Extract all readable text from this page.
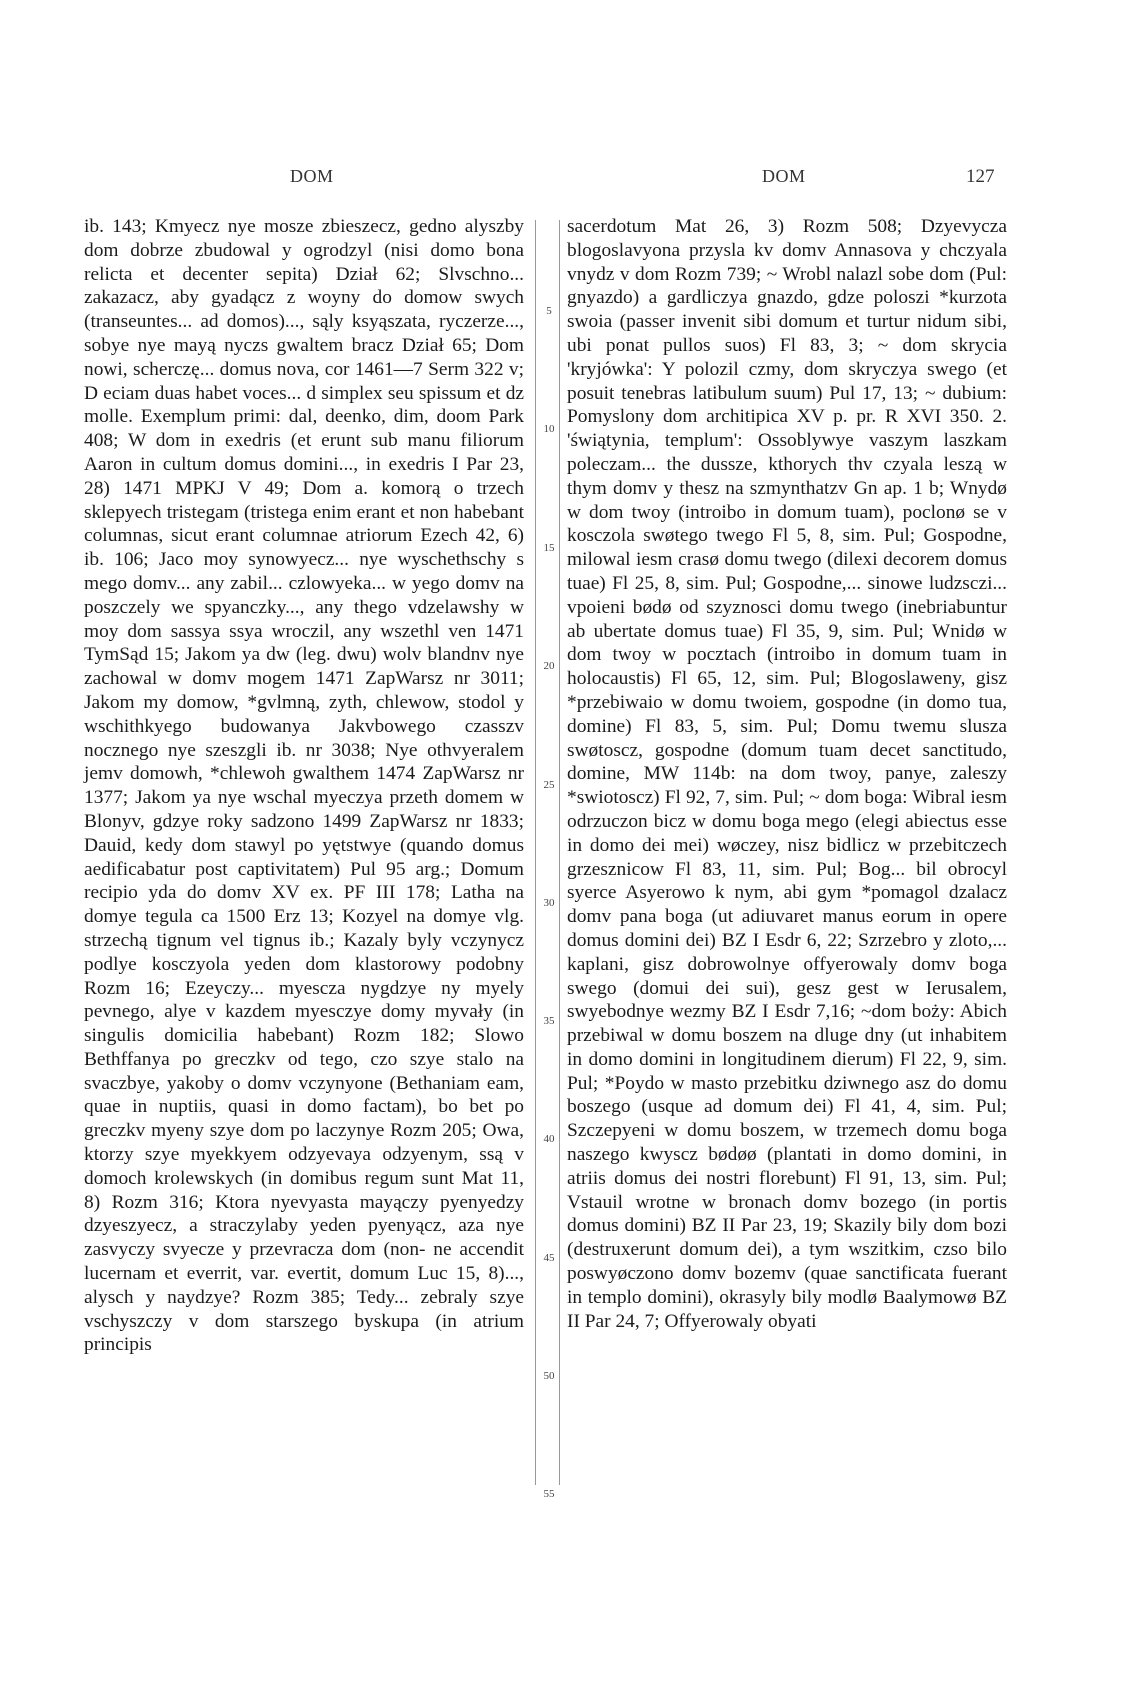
DOM	DOM	127

ib. 143; Kmyecz nye mosze zbieszecz, gedno alyszby dom dobrze zbudowal y ogrodzyl (nisi domo bona relicta et decenter sepita) Dział 62; Slvschno... zakazacz, aby gyadącz z woyny do domow swych (transeuntes... ad domos)..., sąly ksyąszata, ryczerze..., sobye nye mayą nyczs gwaltem bracz Dział 65; Dom nowi, scherczę... domus nova, cor 1461—7 Serm 322 v; D eciam duas habet voces... d simplex seu spissum et dz molle. Exemplum primi: dal, deenko, dim, doom Park 408; W dom in exedris (et erunt sub manu filiorum Aaron in cultum domus domini..., in exedris I Par 23, 28) 1471 MPKJ V 49; Dom a. komorą o trzech sklepyech tristegam (tristega enim erant et non habebant columnas, sicut erant columnae atriorum Ezech 42, 6) ib. 106; Jaco moy synowyecz... nye wyschethschy s mego domv... any zabil... czlowyeka... w yego domv na poszczely we spyanczky..., any thego vdzelawshy w moy dom sassya ssya wroczil, any wszethl ven 1471 TymSąd 15; Jakom ya dw (leg. dwu) wolv blandnv nye zachowal w domv mogem 1471 ZapWarsz nr 3011; Jakom my domow, *gvlmną, zyth, chlewow, stodol y wschithkyego budowanya Jakvbowego czasszv nocznego nye szeszgli ib. nr 3038; Nye othvyeralem jemv domowh, *chlewoh gwalthem 1474 ZapWarsz nr 1377; Jakom ya nye wschal myeczya przeth domem w Blonyv, gdzye roky sadzono 1499 ZapWarsz nr 1833; Dauid, kedy dom stawyl po yętstwye (quando domus aedificabatur post captivitatem) Pul 95 arg.; Domum recipio yda do domv XV ex. PF III 178; Latha na domye tegula ca 1500 Erz 13; Kozyel na domye vlg. strzechą tignum vel tignus ib.; Kazaly byly vczynycz podlye kosczyola yeden dom klastorowy podobny Rozm 16; Ezeyczy... myescza nygdzye ny myely pevnego, alye v kazdem myesczye domy myvały (in singulis domicilia habebant) Rozm 182; Slowo Bethffanya po greczkv od tego, czo szye stalo na svaczbye, yakoby o domv vczynyone (Bethaniam eam, quae in nuptiis, quasi in domo factam), bo bet po greczkv myeny szye dom po laczynye Rozm 205; Owa, ktorzy szye myekkyem odzyevaya odzyenym, ssą v domoch krolewskych (in domibus regum sunt Mat 11, 8) Rozm 316; Ktora nyevyasta mayączy pyenyedzy dzyeszyecz, a straczylaby yeden pyenyącz, aza nye zasvyczy svyecze y przevracza dom (non- ne accendit lucernam et everrit, var. evertit, domum Luc 15, 8)..., alysch y naydzye? Rozm 385; Tedy... zebraly szye vschyszczy v dom starszego byskupa (in atrium principis

5
10
15
20
25
30
35
40
45
50
55

sacerdotum Mat 26, 3) Rozm 508; Dzyevycza blogoslavyona przysla kv domv Annasova y chczyala vnydz v dom Rozm 739; ~ Wrobl nalazl sobe dom (Pul: gnyazdo) a gardliczya gnazdo, gdze poloszi *kurzota swoia (passer invenit sibi domum et turtur nidum sibi, ubi ponat pullos suos) Fl 83, 3; ~ dom skrycia 'kryjówka': Y polozil czmy, dom skryczya swego (et posuit tenebras latibulum suum) Pul 17, 13; ~ dubium: Pomyslony dom architipica XV p. pr. R XVI 350. 2. 'świątynia, templum': Ossoblywye vaszym laszkam poleczam... the dussze, kthorych thv czyala leszą w thym domv y thesz na szmynthatzv Gn ap. 1 b; Wnydø w dom twoy (introibo in domum tuam), poclonø se v kosczola swøtego twego Fl 5, 8, sim. Pul; Gospodne, milowal iesm crasø domu twego (dilexi decorem domus tuae) Fl 25, 8, sim. Pul; Gospodne,... sinowe ludzsczi... vpoieni bødø od szyznosci domu twego (inebriabuntur ab ubertate domus tuae) Fl 35, 9, sim. Pul; Wnidø w dom twoy w pocztach (introibo in domum tuam in holocaustis) Fl 65, 12, sim. Pul; Blogoslaweny, gisz *przebiwaio w domu twoiem, gospodne (in domo tua, domine) Fl 83, 5, sim. Pul; Domu twemu slusza swøtoscz, gospodne (domum tuam decet sanctitudo, domine, MW 114b: na dom twoy, panye, zaleszy *swiotoscz) Fl 92, 7, sim. Pul; ~ dom boga: Wibral iesm odrzuczon bicz w domu boga mego (elegi abiectus esse in domo dei mei) wøczey, nisz bidlicz w przebitczech grzesznicow Fl 83, 11, sim. Pul; Bog... bil obrocyl syerce Asyerowo k nym, abi gym *pomagol dzalacz domv pana boga (ut adiuvaret manus eorum in opere domus domini dei) BZ I Esdr 6, 22; Szrzebro y zloto,... kaplani, gisz dobrowolnye offyerowaly domv boga swego (domui dei sui), gesz gest w Ierusalem, swyebodnye wezmy BZ I Esdr 7,16; ~dom boży: Abich przebiwal w domu boszem na dluge dny (ut inhabitem in domo domini in longitudinem dierum) Fl 22, 9, sim. Pul; *Poydo w masto przebitku dziwnego asz do domu boszego (usque ad domum dei) Fl 41, 4, sim. Pul; Szczepyeni w domu boszem, w trzemech domu boga naszego kwyscz bødøø (plantati in domo domini, in atriis domus dei nostri florebunt) Fl 91, 13, sim. Pul; Vstauil wrotne w bronach domv bozego (in portis domus domini) BZ II Par 23, 19; Skazily bily dom bozi (destruxerunt domum dei), a tym wszitkim, czso bilo poswyøczono domv bozemv (quae sanctificata fuerant in templo domini), okrasyly bily modlø Baalymowø BZ II Par 24, 7; Offyerowaly obyati
